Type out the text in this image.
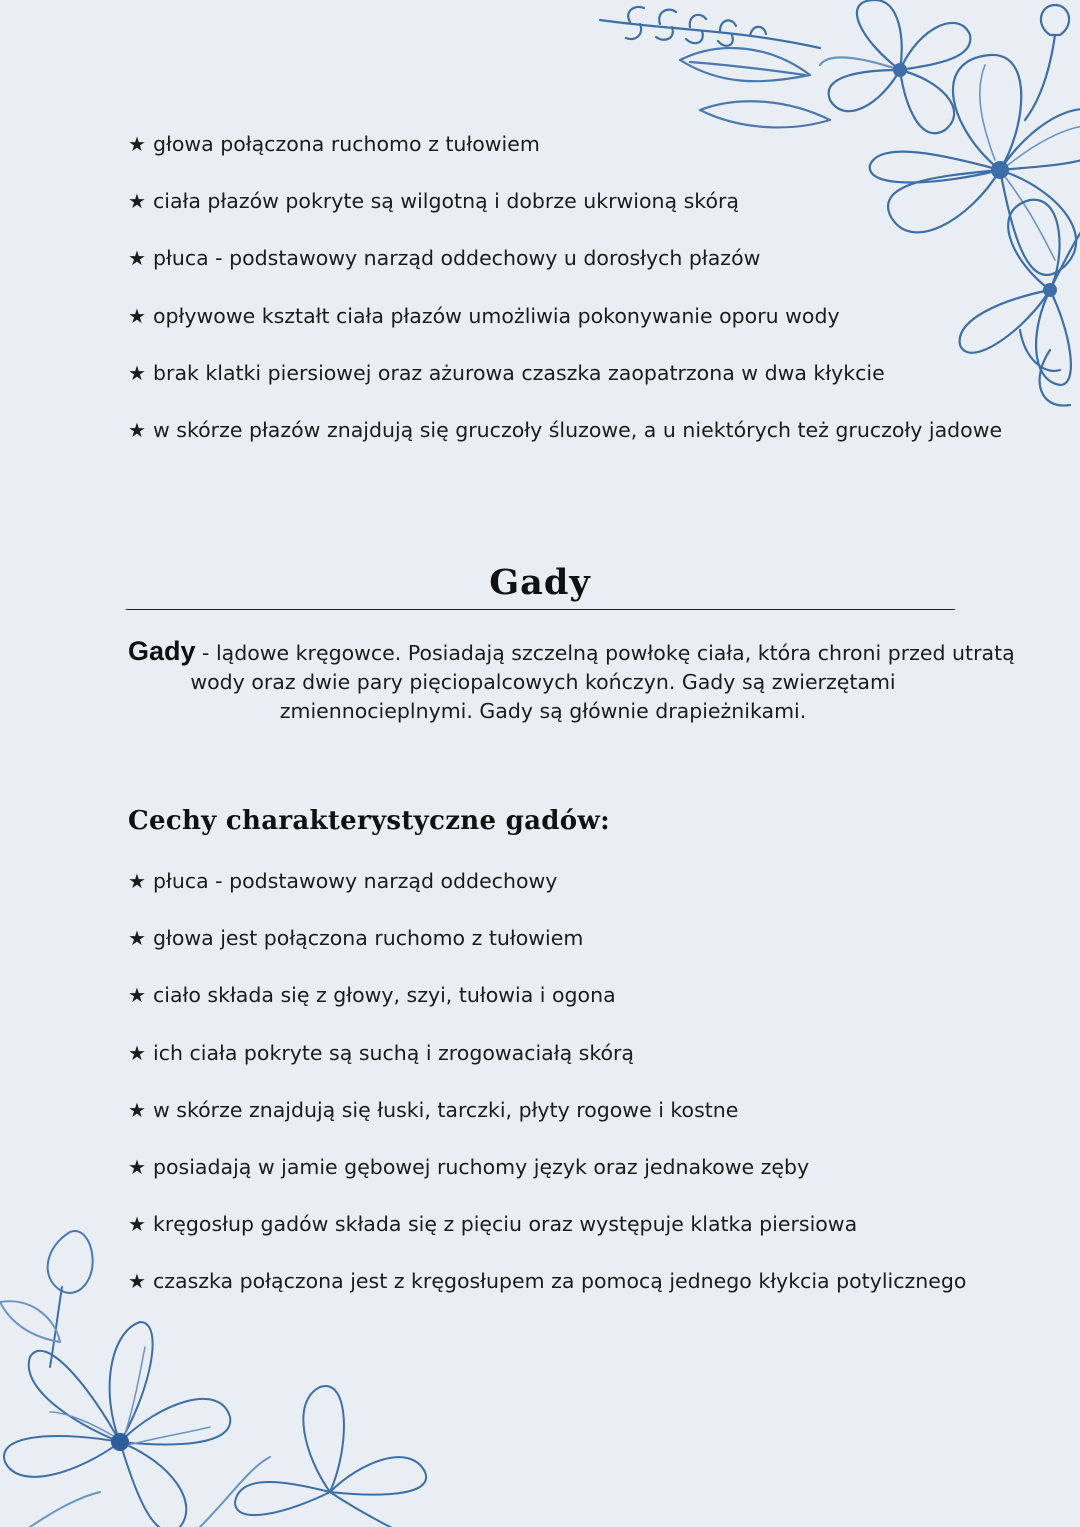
★ głowa połączona ruchomo z tułowiem
★ ciała płazów pokryte są wilgotną i dobrze ukrwioną skórą
★ płuca - podstawowy narząd oddechowy u dorosłych płazów
★ opływowe kształt ciała płazów umożliwia pokonywanie oporu wody
★ brak klatki piersiowej oraz ażurowa czaszka zaopatrzona w dwa kłykcie
★ w skórze płazów znajdują się gruczoły śluzowe, a u niektórych też gruczoły jadowe
Gady
Gady - lądowe kręgowce. Posiadają szczelną powłokę ciała, która chroni przed utratą
wody oraz dwie pary pięciopalcowych kończyn. Gady są zwierzętami
zmiennocieplnymi. Gady są głównie drapieżnikami.
Cechy charakterystyczne gadów:
★ płuca - podstawowy narząd oddechowy
★ głowa jest połączona ruchomo z tułowiem
★ ciało składa się z głowy, szyi, tułowia i ogona
★ ich ciała pokryte są suchą i zrogowaciałą skórą
★ w skórze znajdują się łuski, tarczki, płyty rogowe i kostne
★ posiadają w jamie gębowej ruchomy język oraz jednakowe zęby
★ kręgosłup gadów składa się z pięciu oraz występuje klatka piersiowa
★ czaszka połączona jest z kręgosłupem za pomocą jednego kłykcia potylicznego
